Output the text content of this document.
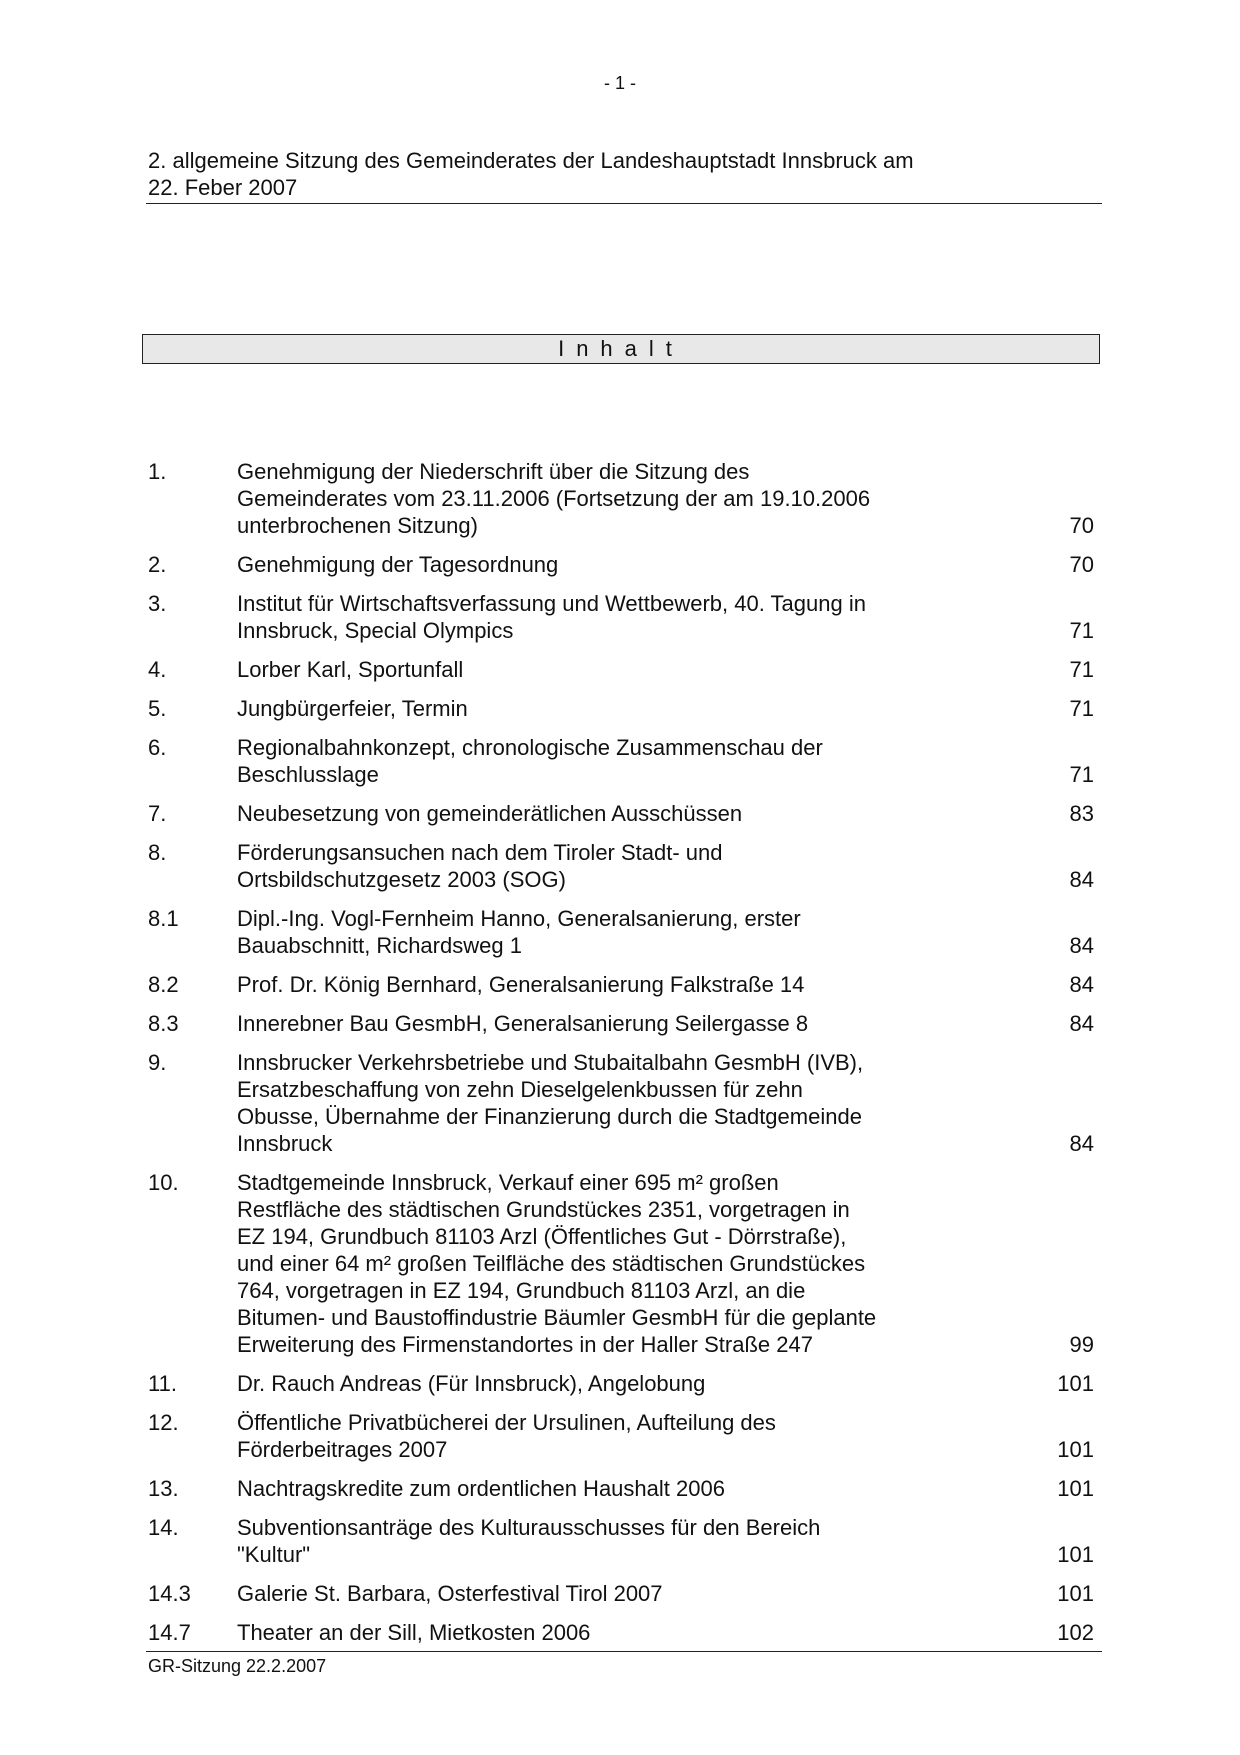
- 1 -
2. allgemeine Sitzung des Gemeinderates der Landeshauptstadt Innsbruck am
22. Feber 2007
Inhalt
1.	Genehmigung der Niederschrift über die Sitzung des
Gemeinderates vom 23.11.2006 (Fortsetzung der am 19.10.2006
unterbrochenen Sitzung)	70
2.	Genehmigung der Tagesordnung	70
3.	Institut für Wirtschaftsverfassung und Wettbewerb, 40. Tagung in
Innsbruck, Special Olympics	71
4.	Lorber Karl, Sportunfall	71
5.	Jungbürgerfeier, Termin	71
6.	Regionalbahnkonzept, chronologische Zusammenschau der
Beschlusslage	71
7.	Neubesetzung von gemeinderätlichen Ausschüssen	83
8.	Förderungsansuchen nach dem Tiroler Stadt- und
Ortsbildschutzgesetz 2003 (SOG)	84
8.1	Dipl.-Ing. Vogl-Fernheim Hanno, Generalsanierung, erster
Bauabschnitt, Richardsweg 1	84
8.2	Prof. Dr. König Bernhard, Generalsanierung Falkstraße 14	84
8.3	Innerebner Bau GesmbH, Generalsanierung Seilergasse 8	84
9.	Innsbrucker Verkehrsbetriebe und Stubaitalbahn GesmbH (IVB),
Ersatzbeschaffung von zehn Dieselgelenkbussen für zehn
Obusse, Übernahme der Finanzierung durch die Stadtgemeinde
Innsbruck	84
10.	Stadtgemeinde Innsbruck, Verkauf einer 695 m² großen
Restfläche des städtischen Grundstückes 2351, vorgetragen in
EZ 194, Grundbuch 81103 Arzl (Öffentliches Gut - Dörrstraße),
und einer 64 m² großen Teilfläche des städtischen Grundstückes
764, vorgetragen in EZ 194, Grundbuch 81103 Arzl, an die
Bitumen- und Baustoffindustrie Bäumler GesmbH für die geplante
Erweiterung des Firmenstandortes in der Haller Straße 247	99
11.	Dr. Rauch Andreas (Für Innsbruck), Angelobung	101
12.	Öffentliche Privatbücherei der Ursulinen, Aufteilung des
Förderbeitrages 2007	101
13.	Nachtragskredite zum ordentlichen Haushalt 2006	101
14.	Subventionsanträge des Kulturausschusses für den Bereich
"Kultur"	101
14.3	Galerie St. Barbara, Osterfestival Tirol 2007	101
14.7	Theater an der Sill, Mietkosten 2006	102
GR-Sitzung 22.2.2007
